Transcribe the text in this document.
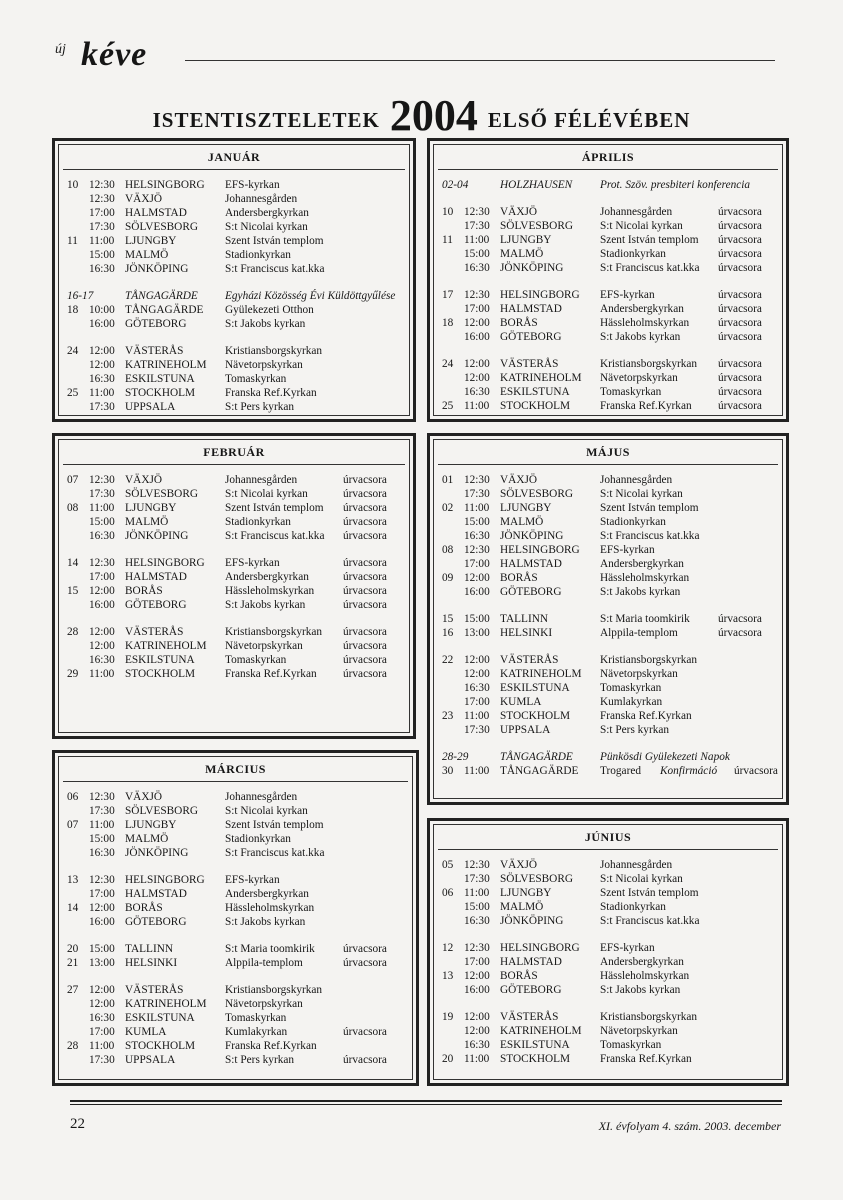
új kéve
ISTENTISZTELETEK 2004 ELSŐ FÉLÉVÉBEN
JANUÁR
10 12:30 HELSINGBORG EFS-kyrkan
12:30 VÄXJÖ	Johannesgården
17:00 HALMSTAD	Andersbergkyrkan
17:30 SÖLVESBORG S:t Nicolai kyrkan
11 11:00 LJUNGBY	Szent István templom
15:00 MALMÖ	Stadionkyrkan
16:30 JÖNKÖPING	S:t Franciscus kat.kka
16-17	TÅNGAGÄRDE Egyházi Közösség Évi Küldöttgyűlése
18 10:00 TÅNGAGÄRDE Gyülekezeti Otthon
16:00 GÖTEBORG	S:t Jakobs kyrkan
24 12:00 VÄSTERÅS	Kristiansborgskyrkan
12:00 KATRINEHOLM Nävetorpskyrkan
16:30 ESKILSTUNA	Tomaskyrkan
25 11:00 STOCKHOLM	Franska Ref.Kyrkan
17:30 UPPSALA	S:t Pers kyrkan
ÁPRILIS
02-04	HOLZHAUSEN Prot. Szöv. presbiteri konferencia
10 12:30 VÄXJÖ	Johannesgården	úrvacsora
17:30 SÖLVESBORG S:t Nicolai kyrkan	úrvacsora
11 11:00 LJUNGBY	Szent István templom úrvacsora
15:00 MALMÖ	Stadionkyrkan	úrvacsora
16:30 JÖNKÖPING	S:t Franciscus kat.kka úrvacsora
17 12:30 HELSINGBORG EFS-kyrkan	úrvacsora
17:00 HALMSTAD	Andersbergkyrkan	úrvacsora
18 12:00 BORÅS	Hässleholmskyrkan	úrvacsora
16:00 GÖTEBORG	S:t Jakobs kyrkan	úrvacsora
24 12:00 VÄSTERÅS	Kristiansborgskyrkan úrvacsora
12:00 KATRINEHOLM Nävetorpskyrkan	úrvacsora
16:30 ESKILSTUNA	Tomaskyrkan	úrvacsora
25 11:00 STOCKHOLM	Franska Ref.Kyrkan úrvacsora
FEBRUÁR
07 12:30 VÄXJÖ	Johannesgården	úrvacsora
17:30 SÖLVESBORG S:t Nicolai kyrkan	úrvacsora
08 11:00 LJUNGBY	Szent István templom úrvacsora
15:00 MALMÖ	Stadionkyrkan	úrvacsora
16:30 JÖNKÖPING	S:t Franciscus kat.kka úrvacsora
14 12:30 HELSINGBORG EFS-kyrkan	úrvacsora
17:00 HALMSTAD	Andersbergkyrkan	úrvacsora
15 12:00 BORÅS	Hässleholmskyrkan	úrvacsora
16:00 GÖTEBORG	S:t Jakobs kyrkan	úrvacsora
28 12:00 VÄSTERÅS	Kristiansborgskyrkan úrvacsora
12:00 KATRINEHOLM Nävetorpskyrkan	úrvacsora
16:30 ESKILSTUNA	Tomaskyrkan	úrvacsora
29 11:00 STOCKHOLM	Franska Ref.Kyrkan úrvacsora
MÁJUS
01 12:30 VÄXJÖ	Johannesgården
17:30 SÖLVESBORG S:t Nicolai kyrkan
02 11:00 LJUNGBY	Szent István templom
15:00 MALMÖ	Stadionkyrkan
16:30 JÖNKÖPING	S:t Franciscus kat.kka
08 12:30 HELSINGBORG EFS-kyrkan
17:00 HALMSTAD	Andersbergkyrkan
09 12:00 BORÅS	Hässleholmskyrkan
16:00 GÖTEBORG	S:t Jakobs kyrkan
15 15:00 TALLINN	S:t Maria toomkirik	úrvacsora
16 13:00 HELSINKI	Alppila-templom	úrvacsora
22 12:00 VÄSTERÅS	Kristiansborgskyrkan
12:00 KATRINEHOLM Nävetorpskyrkan
16:30 ESKILSTUNA	Tomaskyrkan
17:00 KUMLA	Kumlakyrkan
23 11:00 STOCKHOLM	Franska Ref.Kyrkan
17:30 UPPSALA	S:t Pers kyrkan
28-29	TÅNGAGÄRDE Pünkösdi Gyülekezeti Napok
30 11:00 TÅNGAGÄRDE Trogared Konfirmáció úrvacsora
MÁRCIUS
06 12:30 VÄXJÖ	Johannesgården
17:30 SÖLVESBORG S:t Nicolai kyrkan
07 11:00 LJUNGBY	Szent István templom
15:00 MALMÖ	Stadionkyrkan
16:30 JÖNKÖPING	S:t Franciscus kat.kka
13 12:30 HELSINGBORG EFS-kyrkan
17:00 HALMSTAD	Andersbergkyrkan
14 12:00 BORÅS	Hässleholmskyrkan
16:00 GÖTEBORG	S:t Jakobs kyrkan
20 15:00 TALLINN	S:t Maria toomkirik	úrvacsora
21 13:00 HELSINKI	Alppila-templom	úrvacsora
27 12:00 VÄSTERÅS	Kristiansborgskyrkan
12:00 KATRINEHOLM Nävetorpskyrkan
16:30 ESKILSTUNA	Tomaskyrkan
17:00 KUMLA	Kumlakyrkan	úrvacsora
28 11:00 STOCKHOLM	Franska Ref.Kyrkan
17:30 UPPSALA	S:t Pers kyrkan	úrvacsora
JÚNIUS
05 12:30 VÄXJÖ	Johannesgården
17:30 SÖLVESBORG S:t Nicolai kyrkan
06 11:00 LJUNGBY	Szent István templom
15:00 MALMÖ	Stadionkyrkan
16:30 JÖNKÖPING	S:t Franciscus kat.kka
12 12:30 HELSINGBORG EFS-kyrkan
17:00 HALMSTAD	Andersbergkyrkan
13 12:00 BORÅS	Hässleholmskyrkan
16:00 GÖTEBORG	S:t Jakobs kyrkan
19 12:00 VÄSTERÅS	Kristiansborgskyrkan
12:00 KATRINEHOLM Nävetorpskyrkan
16:30 ESKILSTUNA	Tomaskyrkan
20 11:00 STOCKHOLM	Franska Ref.Kyrkan
22	XI. évfolyam 4. szám. 2003. december
